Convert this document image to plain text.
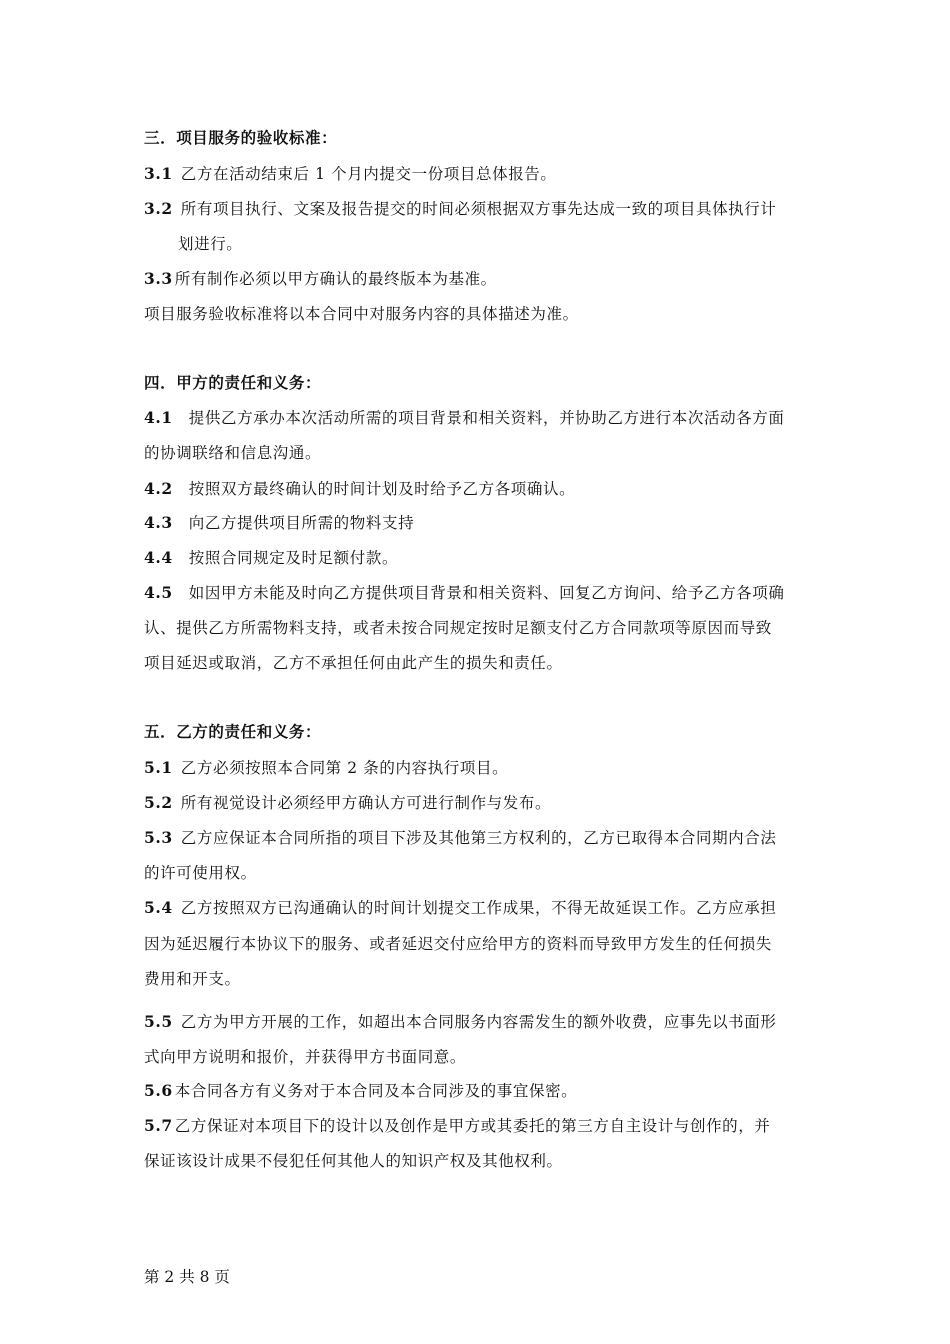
三．项目服务的验收标准：
3.1 乙方在活动结束后 1 个月内提交一份项目总体报告。
3.2 所有项目执行、文案及报告提交的时间必须根据双方事先达成一致的项目具体执行计
划进行。
3.3 所有制作必须以甲方确认的最终版本为基准。
项目服务验收标准将以本合同中对服务内容的具体描述为准。
四．甲方的责任和义务：
4.1 提供乙方承办本次活动所需的项目背景和相关资料，并协助乙方进行本次活动各方面
的协调联络和信息沟通。
4.2 按照双方最终确认的时间计划及时给予乙方各项确认。
4.3 向乙方提供项目所需的物料支持
4.4 按照合同规定及时足额付款。
4.5 如因甲方未能及时向乙方提供项目背景和相关资料、回复乙方询问、给予乙方各项确
认、提供乙方所需物料支持，或者未按合同规定按时足额支付乙方合同款项等原因而导致
项目延迟或取消，乙方不承担任何由此产生的损失和责任。
五．乙方的责任和义务：
5.1 乙方必须按照本合同第 2 条的内容执行项目。
5.2 所有视觉设计必须经甲方确认方可进行制作与发布。
5.3 乙方应保证本合同所指的项目下涉及其他第三方权利的，乙方已取得本合同期内合法
的许可使用权。
5.4 乙方按照双方已沟通确认的时间计划提交工作成果，不得无故延误工作。乙方应承担
因为延迟履行本协议下的服务、或者延迟交付应给甲方的资料而导致甲方发生的任何损失
费用和开支。
5.5 乙方为甲方开展的工作，如超出本合同服务内容需发生的额外收费，应事先以书面形
式向甲方说明和报价，并获得甲方书面同意。
5.6 本合同各方有义务对于本合同及本合同涉及的事宜保密。
5.7 乙方保证对本项目下的设计以及创作是甲方或其委托的第三方自主设计与创作的，并
保证该设计成果不侵犯任何其他人的知识产权及其他权利。
第 2 共 8 页
